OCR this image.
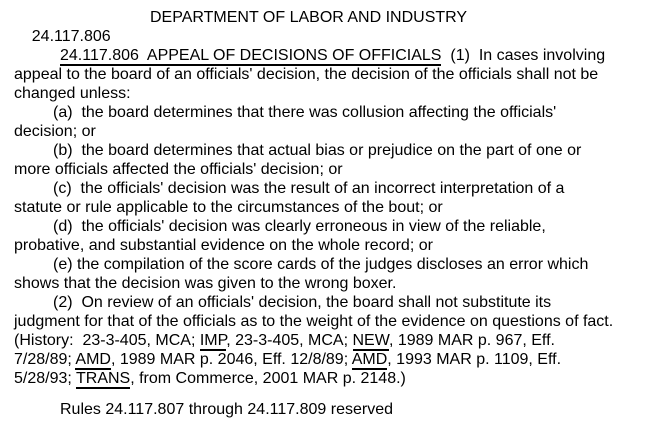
24.117.806

DEPARTMENT OF LABOR AND INDUSTRY

24.117.806  APPEAL OF DECISIONS OF OFFICIALS  (1)  In cases involving
appeal to the board of an officials' decision, the decision of the officials shall not be
changed unless:
(a)  the board determines that there was collusion affecting the officials'
decision; or
(b)  the board determines that actual bias or prejudice on the part of one or
more officials affected the officials' decision; or
(c)  the officials' decision was the result of an incorrect interpretation of a
statute or rule applicable to the circumstances of the bout; or
(d)  the officials' decision was clearly erroneous in view of the reliable,
probative, and substantial evidence on the whole record; or
(e) the compilation of the score cards of the judges discloses an error which
shows that the decision was given to the wrong boxer.
(2)  On review of an officials' decision, the board shall not substitute its
judgment for that of the officials as to the weight of the evidence on questions of fact.
(History:  23-3-405, MCA; IMP, 23-3-405, MCA; NEW, 1989 MAR p. 967, Eff.
7/28/89; AMD, 1989 MAR p. 2046, Eff. 12/8/89; AMD, 1993 MAR p. 1109, Eff.
5/28/93; TRANS, from Commerce, 2001 MAR p. 2148.)
Rules 24.117.807 through 24.117.809 reserved
